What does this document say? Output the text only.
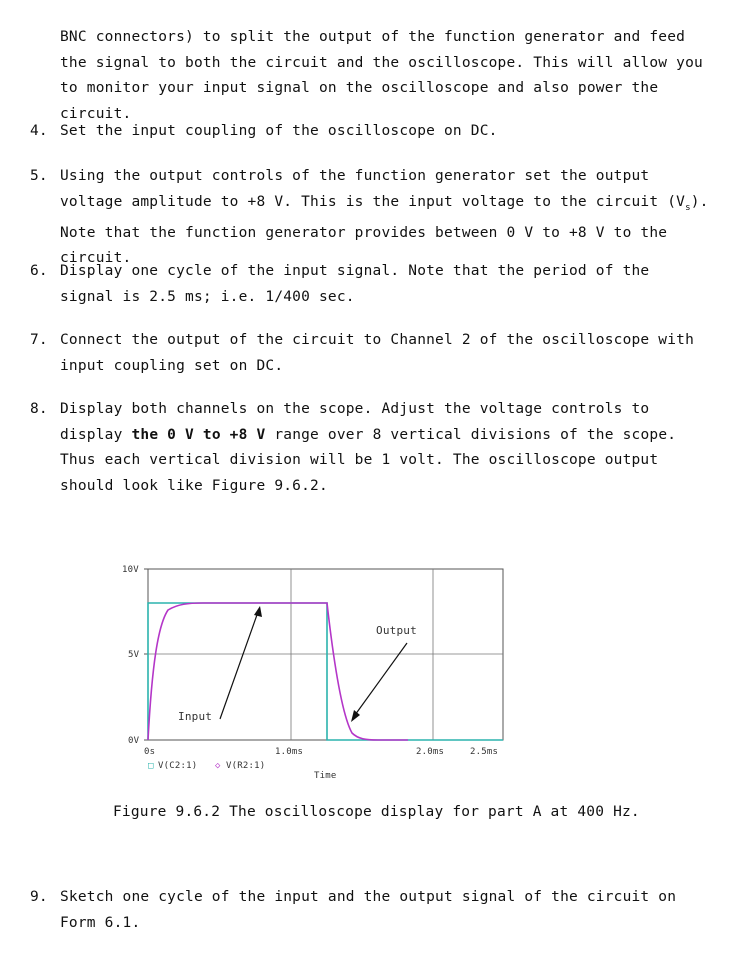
BNC connectors) to split the output of the function generator and feed the signal to both the circuit and the oscilloscope. This will allow you to monitor your input signal on the oscilloscope and also power the circuit.
4. Set the input coupling of the oscilloscope on DC.
5. Using the output controls of the function generator set the output voltage amplitude to +8 V. This is the input voltage to the circuit $(V_s)$. Note that the function generator provides between 0 V to +8 V to the circuit.
6. Display one cycle of the input signal. Note that the period of the signal is 2.5 ms; i.e. 1/400 sec.
7. Connect the output of the circuit to Channel 2 of the oscilloscope with input coupling set on DC.
8. Display both channels on the scope. Adjust the voltage controls to display the 0 V to +8 V range over 8 vertical divisions of the scope. Thus each vertical division will be 1 volt. The oscilloscope output should look like Figure 9.6.2.
10V
5V
0V
0s	1.0ms	2.0ms	2.5ms
□ V(C2:1) ◇ V(R2:1)
Time
Output
Input
Figure 9.6.2 The oscilloscope display for part A at 400 Hz.
9. Sketch one cycle of the input and the output signal of the circuit on Form 6.1.
